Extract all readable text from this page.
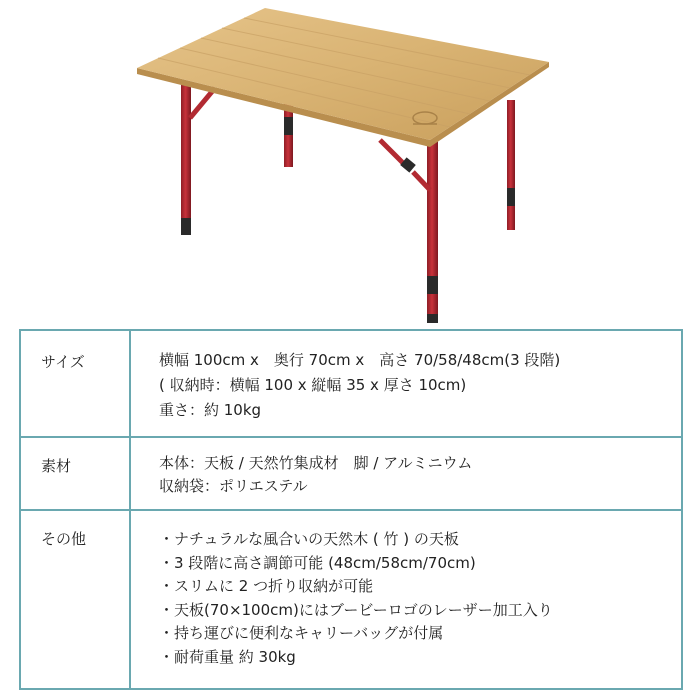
サイズ	横幅 100cm x　奥行 70cm x　高さ 70/58/48cm(3 段階)
( 収納時：横幅 100 x 縦幅 35 x 厚さ 10cm)
重さ：約 10kg
素材	本体：天板 / 天然竹集成材　脚 / アルミニウム
収納袋：ポリエステル
その他	・ナチュラルな風合いの天然木 ( 竹 ) の天板
・3 段階に高さ調節可能 (48cm/58cm/70cm)
・スリムに 2 つ折り収納が可能
・天板(70×100cm)にはブービーロゴのレーザー加工入り
・持ち運びに便利なキャリーバッグが付属
・耐荷重量 約 30kg
